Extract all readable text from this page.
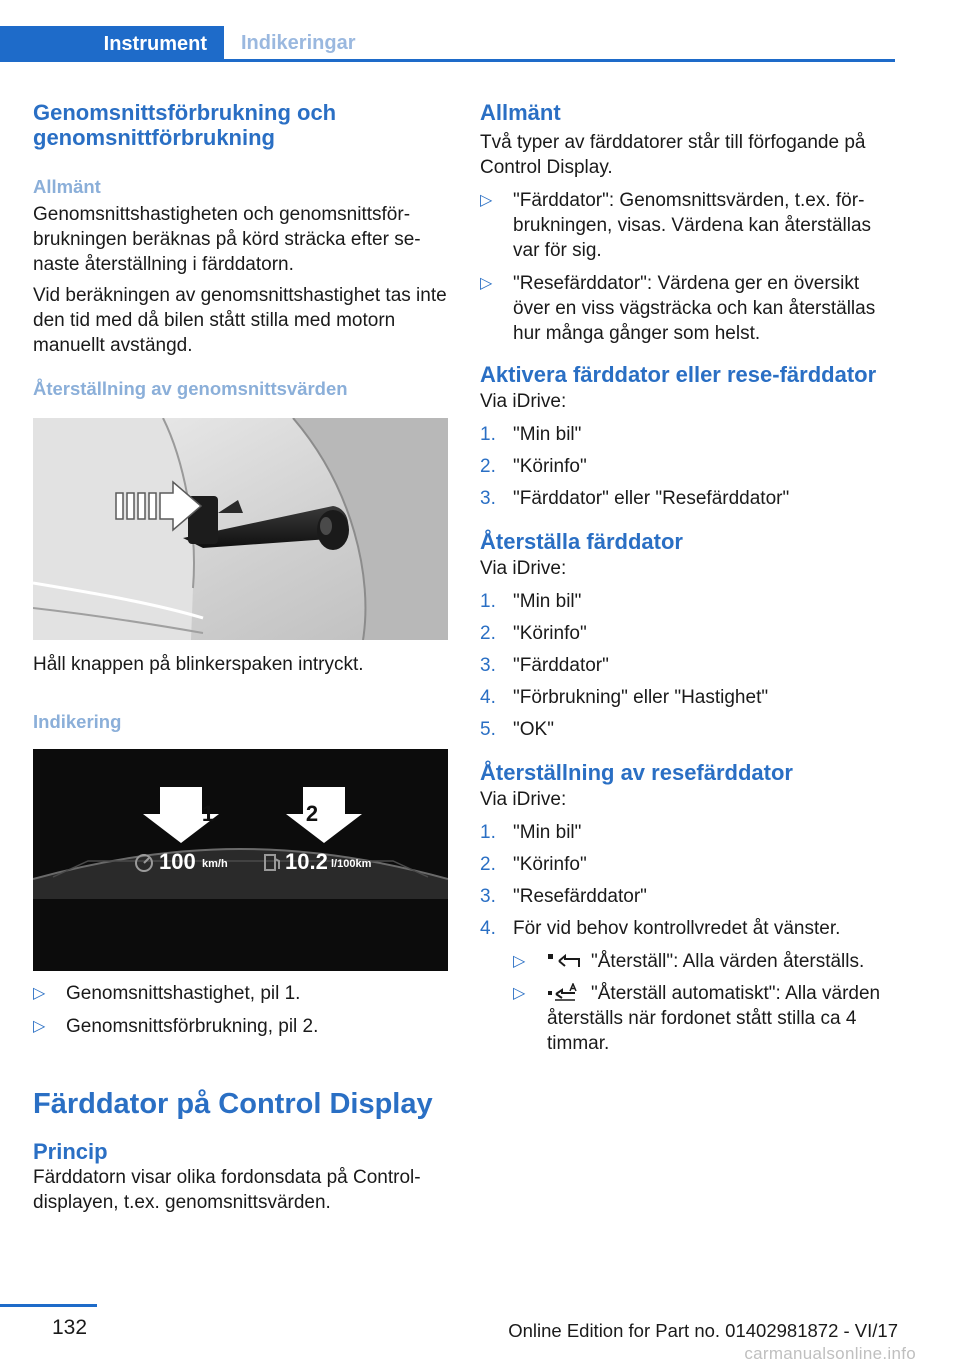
Instrument	Indikeringar
Genomsnittsförbrukning och genomsnittförbrukning
Allmänt

Genomsnittshastigheten och genomsnittsförbrukningen beräknas på körd sträcka efter senaste återställning i färddatorn.

Vid beräkningen av genomsnittshastighet tas inte den tid med då bilen stått stilla med motorn manuellt avstängd.

Återställning av genomsnittsvärden

Håll knappen på blinkerspaken intryckt.

Indikering
1	2
100 km/h	10.2 l/100km
▷ Genomsnittshastighet, pil 1.
▷ Genomsnittsförbrukning, pil 2.
Färddator på Control Display
Princip

Färddatorn visar olika fordonsdata på Controldisplayen, t.ex. genomsnittsvärden.

Allmänt

Två typer av färddatorer står till förfogande på Control Display.

▷ "Färddator": Genomsnittsvärden, t.ex. förbrukningen, visas. Värdena kan återställas var för sig.
▷ "Resefärddator": Värdena ger en översikt över en viss vägsträcka och kan återställas hur många gånger som helst.
Aktivera färddator eller rese-färddator

Via iDrive:

1. "Min bil"
2. "Körinfo"
3. "Färddator" eller "Resefärddator"
Återställa färddator

Via iDrive:

1. "Min bil"
2. "Körinfo"
3. "Färddator"
4. "Förbrukning" eller "Hastighet"
5. "OK"
Återställning av resefärddator

Via iDrive:

1. "Min bil"
2. "Körinfo"
3. "Resefärddator"
4. För vid behov kontrollvredet åt vänster.
▷	"Återställ": Alla värden återställs.
▷	"Återställ automatiskt": Alla värden återställs när fordonet stått stilla ca 4 timmar.
132	Online Edition for Part no. 01402981872 - VI/17
carmanualsonline.info
